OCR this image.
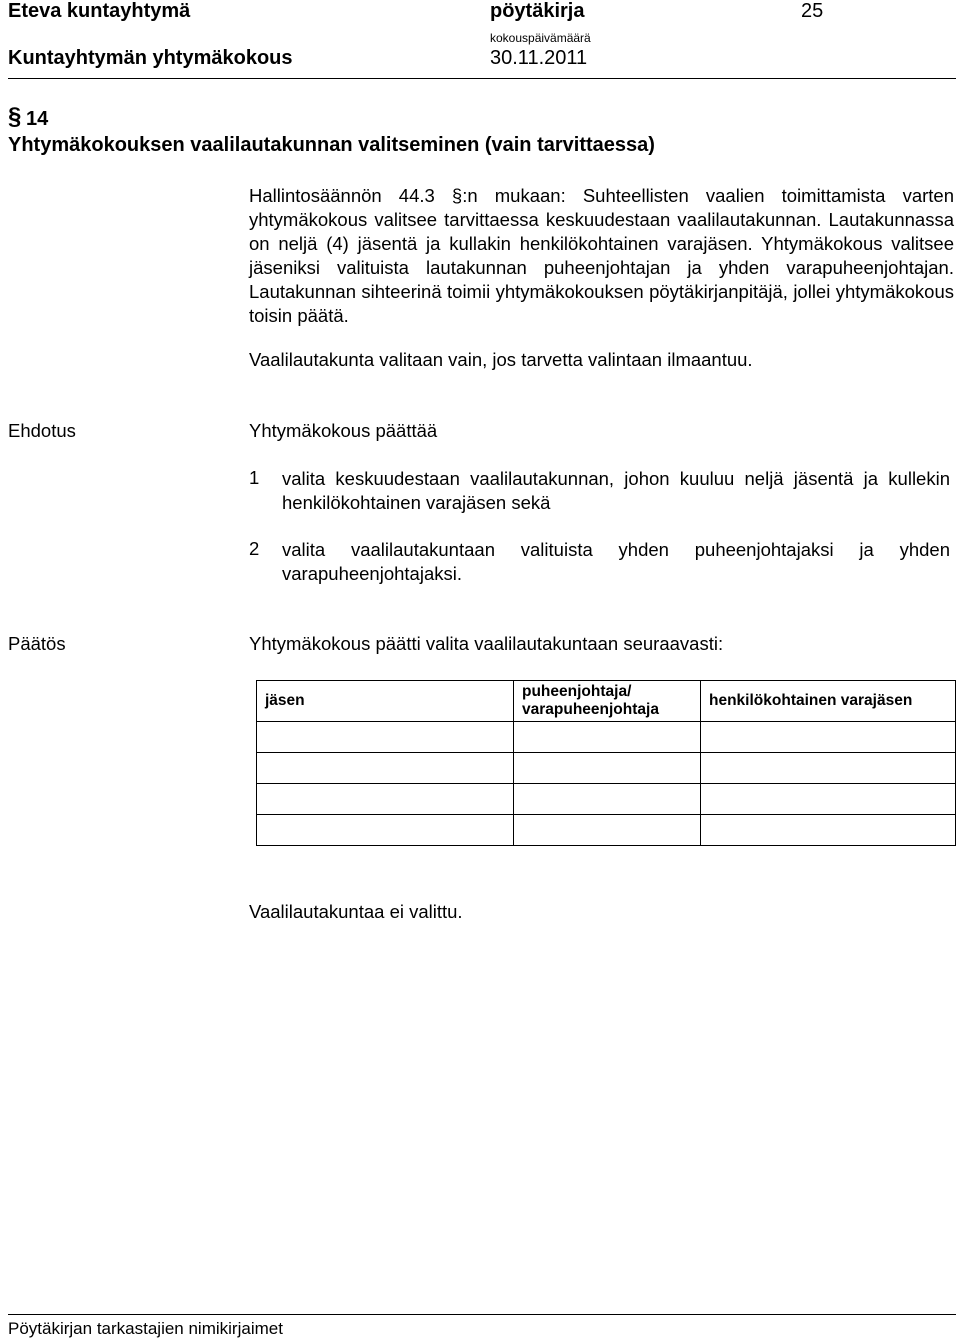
Eteva kuntayhtymä	pöytäkirja	25
Kuntayhtymän yhtymäkokous
kokouspäivämäärä
30.11.2011
§ 14
Yhtymäkokouksen vaalilautakunnan valitseminen (vain tarvittaessa)
Hallintosäännön 44.3 §:n mukaan: Suhteellisten vaalien toimittamista varten yhtymäkokous valitsee tarvittaessa keskuudestaan vaalilautakunnan. Lautakunnassa on neljä (4) jäsentä ja kullakin henkilökohtainen varajäsen. Yhtymäkokous valitsee jäseniksi valituista lautakunnan puheenjohtajan ja yhden varapuheenjohtajan. Lautakunnan sihteerinä toimii yhtymäkokouksen pöytäkirjanpitäjä, jollei yhtymäkokous toisin päätä.
Vaalilautakunta valitaan vain, jos tarvetta valintaan ilmaantuu.
Ehdotus	Yhtymäkokous päättää
1 valita keskuudestaan vaalilautakunnan, johon kuuluu neljä jäsentä ja kullekin henkilökohtainen varajäsen sekä
2 valita vaalilautakuntaan valituista yhden puheenjohtajaksi ja yhden varapuheenjohtajaksi.
Päätös	Yhtymäkokous päätti valita vaalilautakuntaan seuraavasti:
jäsen	puheenjohtaja/ varapuheenjohtaja	henkilökohtainen varajäsen

Vaalilautakuntaa ei valittu.
Pöytäkirjan tarkastajien nimikirjaimet
